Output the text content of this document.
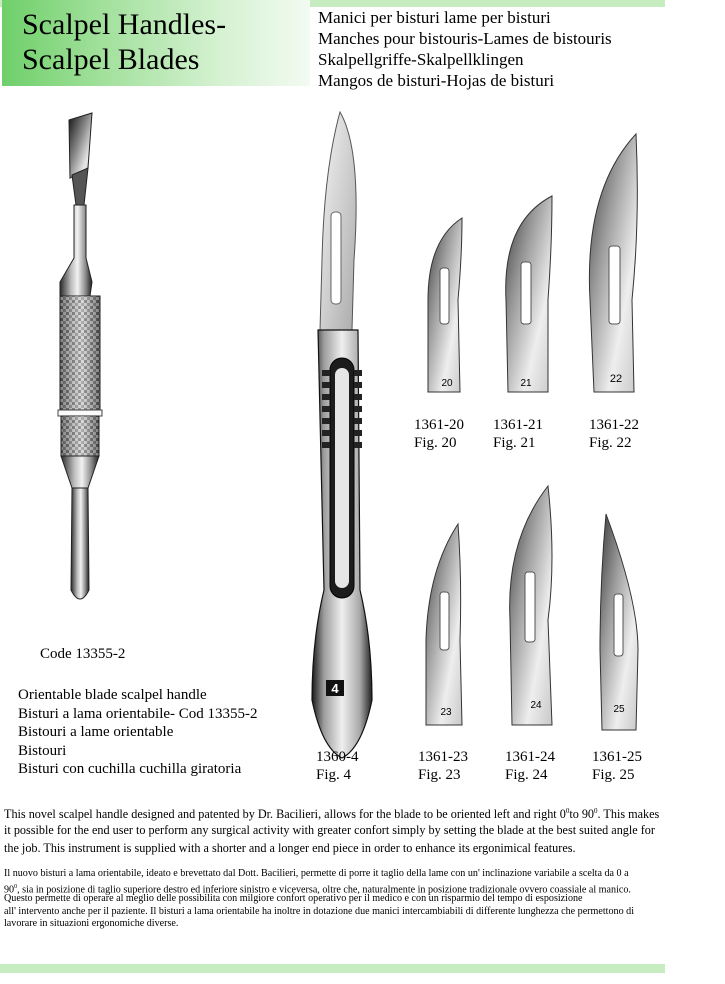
Scalpel Handles-
Scalpel Blades
Manici per bisturi lame per bisturi
Manches pour bistouris-Lames de bistouris
Skalpellgriffe-Skalpellklingen
Mangos de bisturi-Hojas de bisturi
4
20	21	22
23
24	25
1361-20
Fig. 20
1361-21
Fig. 21
1361-22
Fig. 22
Code 13355-2
Orientable blade scalpel handle
Bisturi a lama orientabile- Cod 13355-2
Bistouri a lame orientable
Bistouri
Bisturi con cuchilla cuchilla giratoria
1360-4
Fig. 4
1361-23
Fig. 23
1361-24
Fig. 24
1361-25
Fig. 25
This novel scalpel handle designed and patented by Dr. Bacilieri, allows for the blade to be oriented left and right $0^0to$ $90^0$. This makes
it possible for the end user to perform any surgical activity with greater confort simply by setting the blade at the best suited angle for
the job. This instrument is supplied with a shorter and a longer end piece in order to enhance its ergonimical features.
Il nuovo bisturi a lama orientabile, ideato e brevettato dal Dott. Bacilieri, permette di porre it taglio della lame con un' inclinazione variabile a scelta da 0 a
$90^0$, sia in posizione di taglio superiore destro ed inferiore sinistro e viceversa, oltre che, naturalmente in posizione tradizionale ovvero coassiale al manico.
Questo permette di operare al meglio delle possibilita con milgiore confort operativo per il medico e con un risparmio del tempo di esposizione
all' intervento anche per il paziente. Il bisturi a lama orientabile ha inoltre in dotazione due manici intercambiabili di differente lunghezza che permettono di
lavorare in situazioni ergonomiche diverse.
